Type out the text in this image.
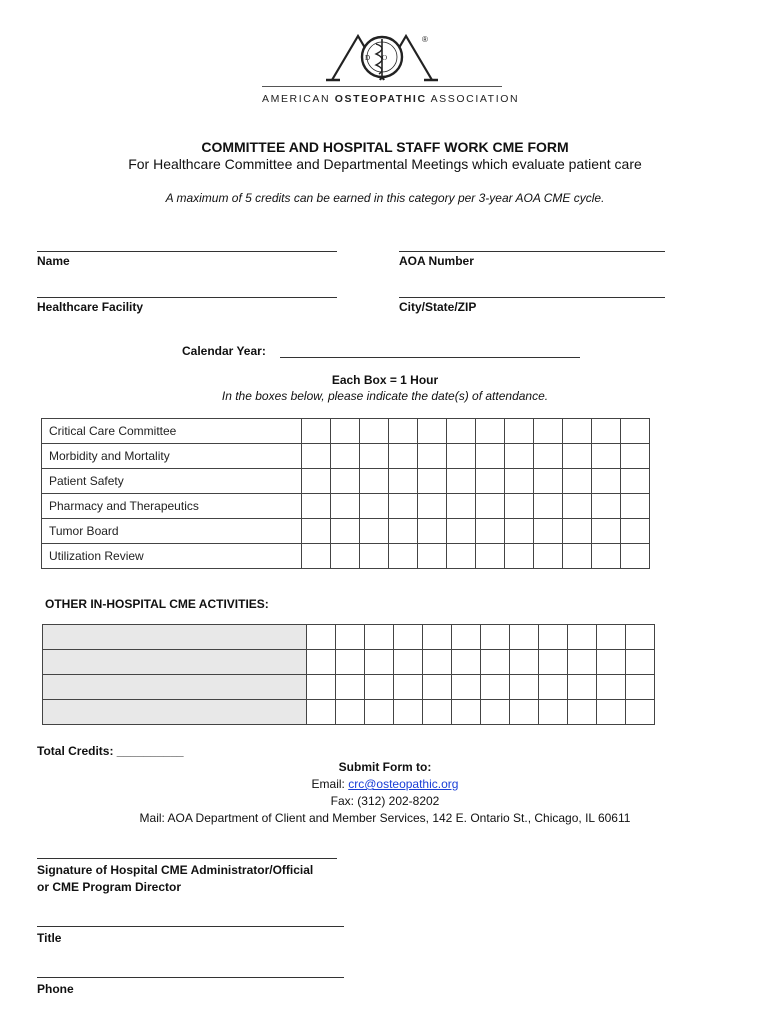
DO
®
AOA
AMERICAN OSTEOPATHIC ASSOCIATION
COMMITTEE AND HOSPITAL STAFF WORK CME FORM
For Healthcare Committee and Departmental Meetings which evaluate patient care
A maximum of 5 credits can be earned in this category per 3-year AOA CME cycle.
Name	AOA Number
Healthcare Facility	City/State/ZIP
Calendar Year:
Each Box = 1 Hour
In the boxes below, please indicate the date(s) of attendance.
Critical Care Committee												
Morbidity and Mortality												
Patient Safety												
Pharmacy and Therapeutics												
Tumor Board												
Utilization Review												
OTHER IN-HOSPITAL CME ACTIVITIES:

Total Credits: __________
Submit Form to:
Email: crc@osteopathic.org
Fax: (312) 202-8202
Mail: AOA Department of Client and Member Services, 142 E. Ontario St., Chicago, IL 60611
Signature of Hospital CME Administrator/Official
or CME Program Director
Title
Phone
